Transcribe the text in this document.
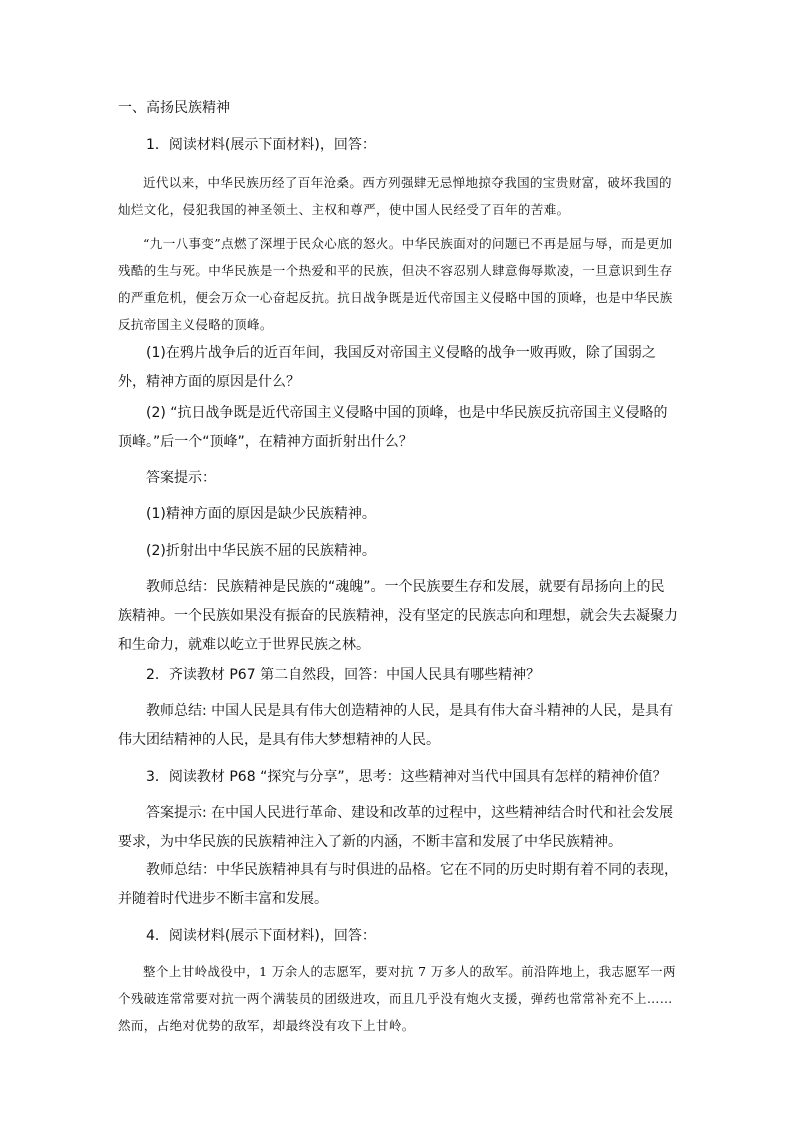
一、高扬民族精神

1．阅读材料(展示下面材料)，回答：

近代以来，中华民族历经了百年沧桑。西方列强肆无忌惮地掠夺我国的宝贵财富，破坏我国的灿烂文化，侵犯我国的神圣领土、主权和尊严，使中国人民经受了百年的苦难。

“九一八事变”点燃了深埋于民众心底的怒火。中华民族面对的问题已不再是屈与辱，而是更加残酷的生与死。中华民族是一个热爱和平的民族，但决不容忍别人肆意侮辱欺凌，一旦意识到生存的严重危机，便会万众一心奋起反抗。抗日战争既是近代帝国主义侵略中国的顶峰，也是中华民族反抗帝国主义侵略的顶峰。

(1)在鸦片战争后的近百年间，我国反对帝国主义侵略的战争一败再败，除了国弱之外，精神方面的原因是什么？

(2) “抗日战争既是近代帝国主义侵略中国的顶峰，也是中华民族反抗帝国主义侵略的顶峰。”后一个“顶峰”，在精神方面折射出什么？

答案提示：

(1)精神方面的原因是缺少民族精神。

(2)折射出中华民族不屈的民族精神。

教师总结：民族精神是民族的“魂魄”。一个民族要生存和发展，就要有昂扬向上的民族精神。一个民族如果没有振奋的民族精神，没有坚定的民族志向和理想，就会失去凝聚力和生命力，就难以屹立于世界民族之林。

2．齐读教材 P67 第二自然段，回答：中国人民具有哪些精神？

教师总结: 中国人民是具有伟大创造精神的人民，是具有伟大奋斗精神的人民，是具有伟大团结精神的人民，是具有伟大梦想精神的人民。

3．阅读教材 P68 “探究与分享”，思考：这些精神对当代中国具有怎样的精神价值？

答案提示: 在中国人民进行革命、建设和改革的过程中，这些精神结合时代和社会发展要求，为中华民族的民族精神注入了新的内涵，不断丰富和发展了中华民族精神。

教师总结：中华民族精神具有与时俱进的品格。它在不同的历史时期有着不同的表现，并随着时代进步不断丰富和发展。

4．阅读材料(展示下面材料)，回答：

整个上甘岭战役中，1 万余人的志愿军，要对抗 7 万多人的敌军。前沿阵地上，我志愿军一两个残破连常常要对抗一两个满装员的团级进攻，而且几乎没有炮火支援，弹药也常常补充不上……然而，占绝对优势的敌军，却最终没有攻下上甘岭。
